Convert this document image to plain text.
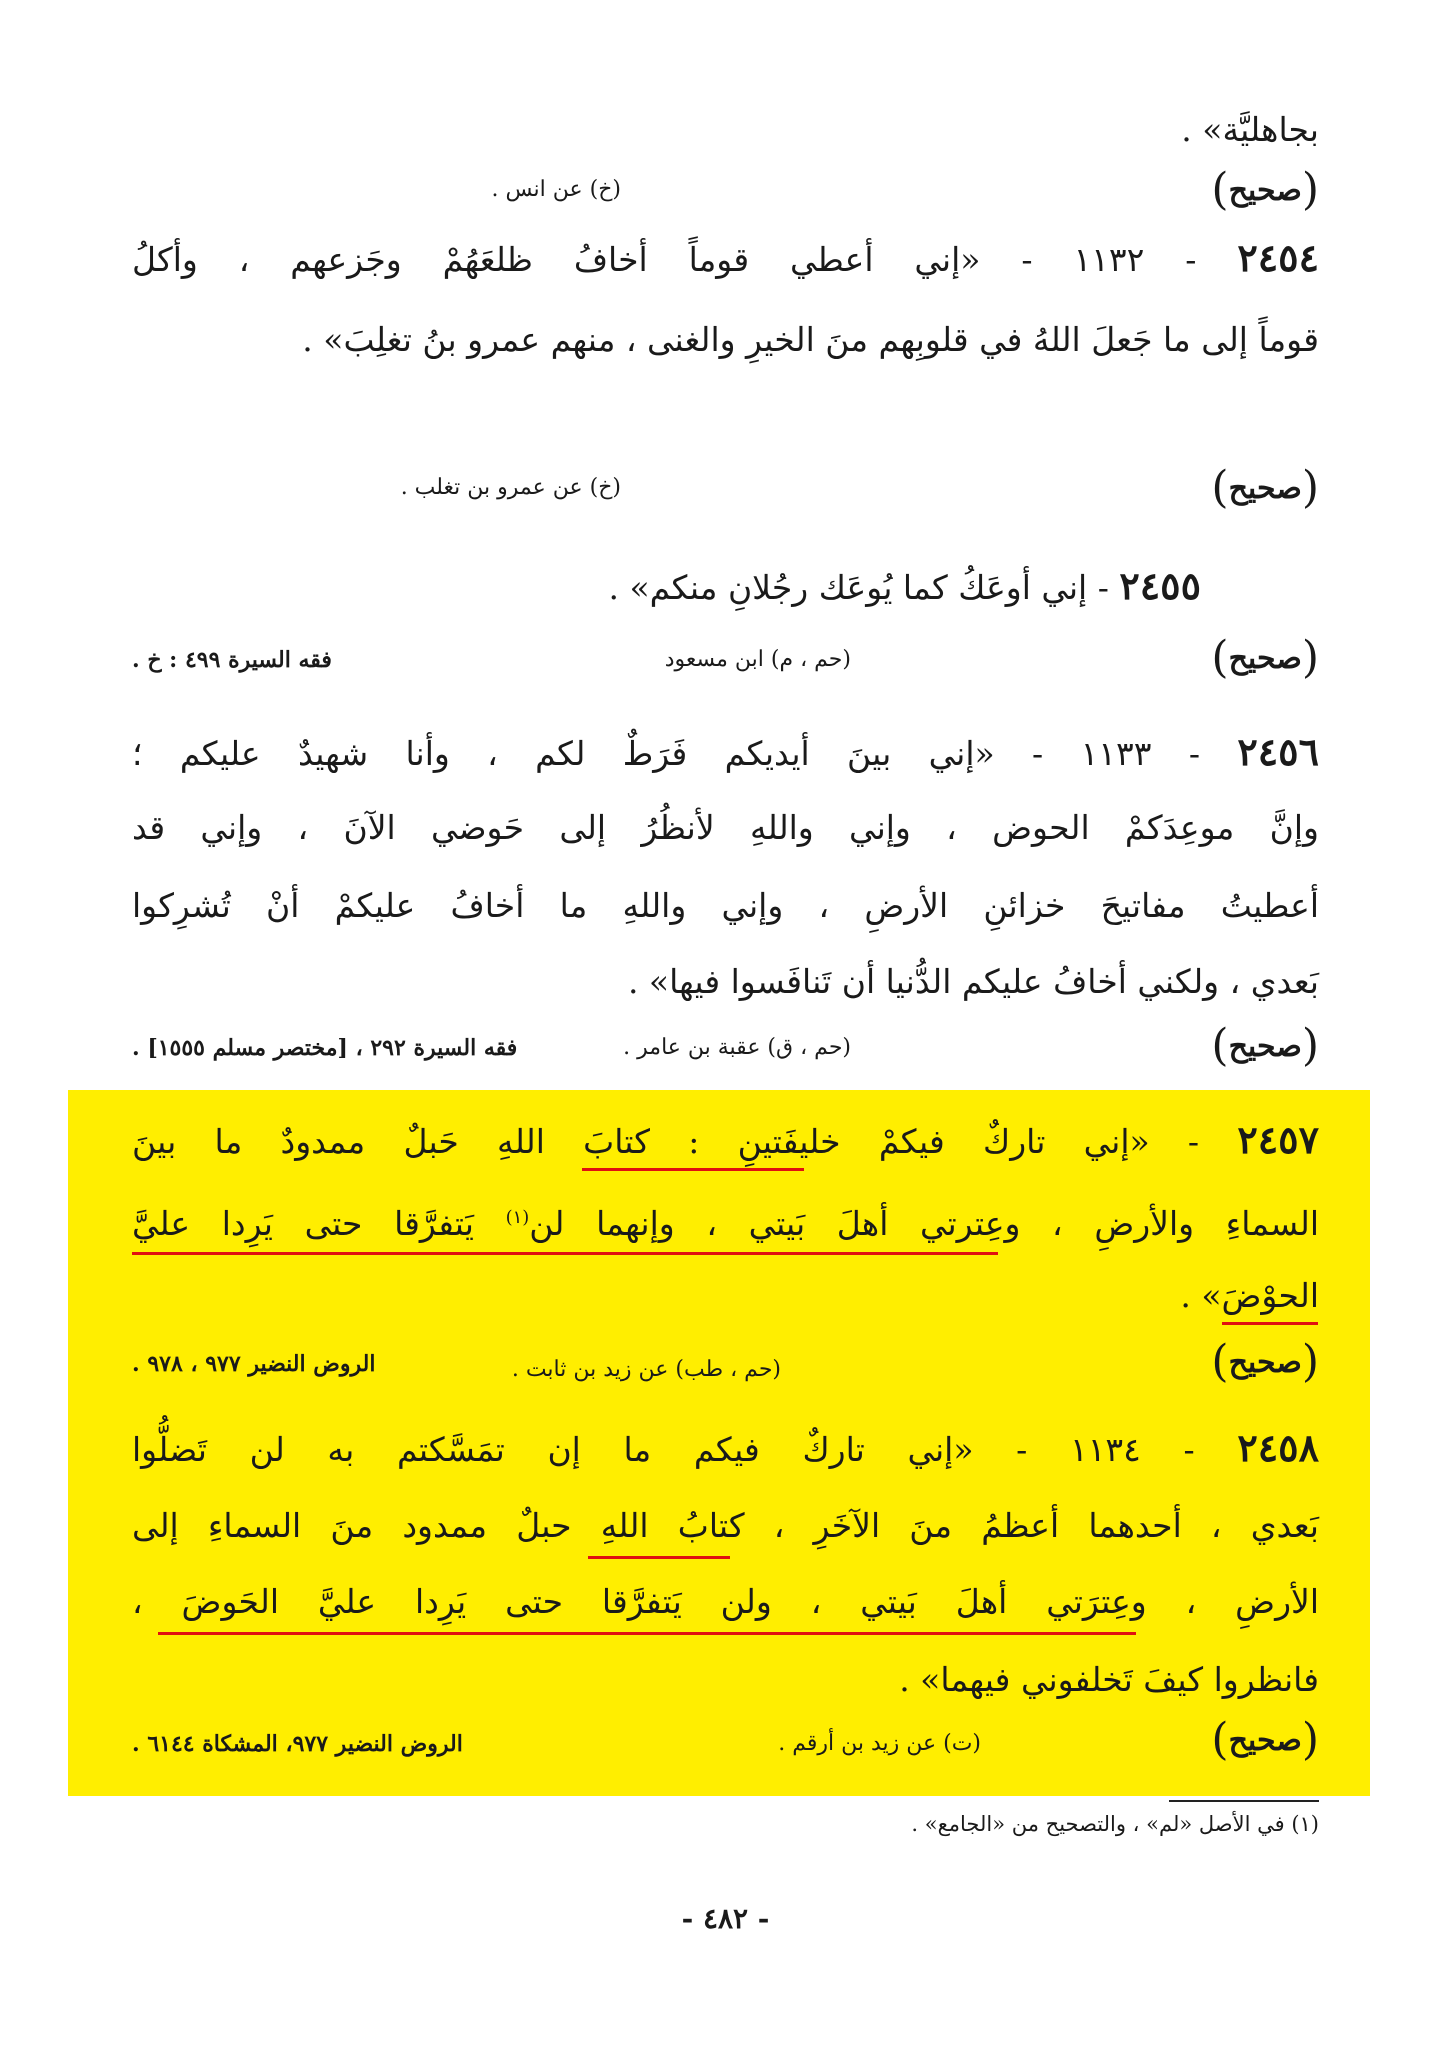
بجاهليَّة» .
(صحيح)
(خ) عن انس .
٢٤٥٤ - ١١٣٢ - «إني أعطي قوماً أخافُ ظلعَهُمْ وجَزعهم ، وأكلُ
قوماً إلى ما جَعلَ اللهُ في قلوبِهم منَ الخيرِ والغنى ، منهم عمرو بنُ تغلِبَ» .
(صحيح)
(خ) عن عمرو بن تغلب .
٢٤٥٥ - إني أوعَكُ كما يُوعَك رجُلانِ منكم» .
(صحيح)
(حم ، م) ابن مسعود
فقه السيرة ٤٩٩ : خ .
٢٤٥٦ - ١١٣٣ - «إني بينَ أيديكم فَرَطٌ لكم ، وأنا شهيدٌ عليكم ؛
وإنَّ موعِدَكمْ الحوض ، وإني واللهِ لأنظُرُ إلى حَوضي الآنَ ، وإني قد
أعطيتُ مفاتيحَ خزائنِ الأرضِ ، وإني واللهِ ما أخافُ عليكمْ أنْ تُشرِكوا
بَعدي ، ولكني أخافُ عليكم الدُّنيا أن تَنافَسوا فيها» .
(صحيح)
(حم ، ق) عقبة بن عامر .
فقه السيرة ٢٩٢ ، [مختصر مسلم ١٥٥٥] .
٢٤٥٧ - «إني تاركٌ فيكمْ خليفَتينِ : كتابَ اللهِ حَبلٌ ممدودٌ ما بينَ
السماءِ والأرضِ ، وعِترتي أهلَ بَيتي ، وإنهما لن$^{(١)}$ يَتفرَّقا حتى يَرِدا عليَّ
الحوْضَ» .
(صحيح)
(حم ، طب) عن زيد بن ثابت .
الروض النضير ٩٧٧ ، ٩٧٨ .
٢٤٥٨ - ١١٣٤ - «إني تاركٌ فيكم ما إن تمَسَّكتم به لن تَضلُّوا
بَعدي ، أحدهما أعظمُ منَ الآخَرِ ، كتابُ اللهِ حبلٌ ممدود منَ السماءِ إلى
الأرضِ ، وعِترَتي أهلَ بَيتي ، ولن يَتفرَّقا حتى يَرِدا عليَّ الحَوضَ ،
فانظروا كيفَ تَخلفوني فيهما» .
(صحيح)
(ت) عن زيد بن أرقم .
الروض النضير ٩٧٧، المشكاة ٦١٤٤ .
(١) في الأصل «لم» ، والتصحيح من «الجامع» .
- ٤٨٢ -
